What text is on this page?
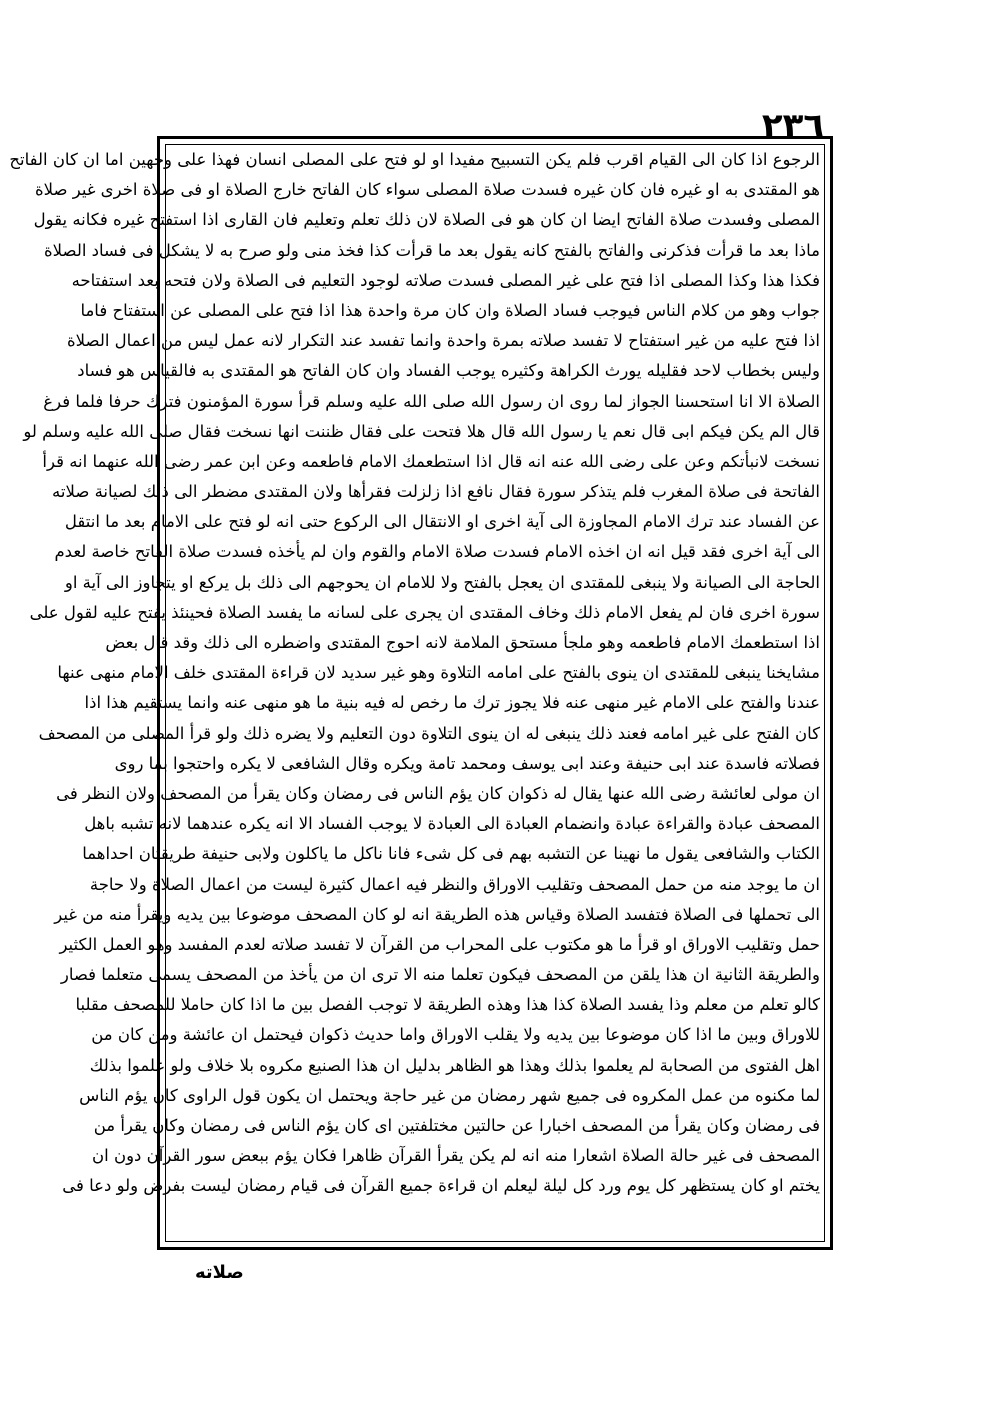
٢٣٦
الرجوع اذا كان الى القيام اقرب فلم يكن التسبيح مفيدا او لو فتح على المصلى انسان فهذا على وجهين اما ان كان الفاتح
هو المقتدى به او غيره فان كان غيره فسدت صلاة المصلى سواء كان الفاتح خارج الصلاة او فى صلاة اخرى غير صلاة
المصلى وفسدت صلاة الفاتح ايضا ان كان هو فى الصلاة لان ذلك تعلم وتعليم فان القارى اذا استفتح غيره فكانه يقول
ماذا بعد ما قرأت فذكرنى والفاتح بالفتح كانه يقول بعد ما قرأت كذا فخذ منى ولو صرح به لا يشكل فى فساد الصلاة
فكذا هذا وكذا المصلى اذا فتح على غير المصلى فسدت صلاته لوجود التعليم فى الصلاة ولان فتحه بعد استفتاحه
جواب وهو من كلام الناس فيوجب فساد الصلاة وان كان مرة واحدة هذا اذا فتح على المصلى عن استفتاح فاما
اذا فتح عليه من غير استفتاح لا تفسد صلاته بمرة واحدة وانما تفسد عند التكرار لانه عمل ليس من اعمال الصلاة
وليس بخطاب لاحد فقليله يورث الكراهة وكثيره يوجب الفساد وان كان الفاتح هو المقتدى به فالقياس هو فساد
الصلاة الا انا استحسنا الجواز لما روى ان رسول الله صلى الله عليه وسلم قرأ سورة المؤمنون فترك حرفا فلما فرغ
قال الم يكن فيكم ابى قال نعم يا رسول الله قال هلا فتحت على فقال ظننت انها نسخت فقال صلى الله عليه وسلم لو
نسخت لانبأتكم وعن على رضى الله عنه انه قال اذا استطعمك الامام فاطعمه وعن ابن عمر رضى الله عنهما انه قرأ
الفاتحة فى صلاة المغرب فلم يتذكر سورة فقال نافع اذا زلزلت فقرأها ولان المقتدى مضطر الى ذلك لصيانة صلاته
عن الفساد عند ترك الامام المجاوزة الى آية اخرى او الانتقال الى الركوع حتى انه لو فتح على الامام بعد ما انتقل
الى آية اخرى فقد قيل انه ان اخذه الامام فسدت صلاة الامام والقوم وان لم يأخذه فسدت صلاة الفاتح خاصة لعدم
الحاجة الى الصيانة ولا ينبغى للمقتدى ان يعجل بالفتح ولا للامام ان يحوجهم الى ذلك بل يركع او يتجاوز الى آية او
سورة اخرى فان لم يفعل الامام ذلك وخاف المقتدى ان يجرى على لسانه ما يفسد الصلاة فحينئذ يفتح عليه لقول على
اذا استطعمك الامام فاطعمه وهو ملجأ مستحق الملامة لانه احوج المقتدى واضطره الى ذلك وقد قال بعض
مشايخنا ينبغى للمقتدى ان ينوى بالفتح على امامه التلاوة وهو غير سديد لان قراءة المقتدى خلف الامام منهى عنها
عندنا والفتح على الامام غير منهى عنه فلا يجوز ترك ما رخص له فيه بنية ما هو منهى عنه وانما يستقيم هذا اذا
كان الفتح على غير امامه فعند ذلك ينبغى له ان ينوى التلاوة دون التعليم ولا يضره ذلك ولو قرأ المصلى من المصحف
فصلاته فاسدة عند ابى حنيفة وعند ابى يوسف ومحمد تامة ويكره وقال الشافعى لا يكره واحتجوا بما روى
ان مولى لعائشة رضى الله عنها يقال له ذكوان كان يؤم الناس فى رمضان وكان يقرأ من المصحف ولان النظر فى
المصحف عبادة والقراءة عبادة وانضمام العبادة الى العبادة لا يوجب الفساد الا انه يكره عندهما لانه تشبه باهل
الكتاب والشافعى يقول ما نهينا عن التشبه بهم فى كل شىء فانا ناكل ما ياكلون ولابى حنيفة طريقتان احداهما
ان ما يوجد منه من حمل المصحف وتقليب الاوراق والنظر فيه اعمال كثيرة ليست من اعمال الصلاة ولا حاجة
الى تحملها فى الصلاة فتفسد الصلاة وقياس هذه الطريقة انه لو كان المصحف موضوعا بين يديه ويقرأ منه من غير
حمل وتقليب الاوراق او قرأ ما هو مكتوب على المحراب من القرآن لا تفسد صلاته لعدم المفسد وهو العمل الكثير
والطريقة الثانية ان هذا يلقن من المصحف فيكون تعلما منه الا ترى ان من يأخذ من المصحف يسمى متعلما فصار
كالو تعلم من معلم وذا يفسد الصلاة كذا هذا وهذه الطريقة لا توجب الفصل بين ما اذا كان حاملا للمصحف مقلبا
للاوراق وبين ما اذا كان موضوعا بين يديه ولا يقلب الاوراق واما حديث ذكوان فيحتمل ان عائشة ومن كان من
اهل الفتوى من الصحابة لم يعلموا بذلك وهذا هو الظاهر بدليل ان هذا الصنيع مكروه بلا خلاف ولو علموا بذلك
لما مكنوه من عمل المكروه فى جميع شهر رمضان من غير حاجة ويحتمل ان يكون قول الراوى كان يؤم الناس
فى رمضان وكان يقرأ من المصحف اخبارا عن حالتين مختلفتين اى كان يؤم الناس فى رمضان وكان يقرأ من
المصحف فى غير حالة الصلاة اشعارا منه انه لم يكن يقرأ القرآن ظاهرا فكان يؤم ببعض سور القرآن دون ان
يختم او كان يستظهر كل يوم ورد كل ليلة ليعلم ان قراءة جميع القرآن فى قيام رمضان ليست بفرض ولو دعا فى
صلاته
